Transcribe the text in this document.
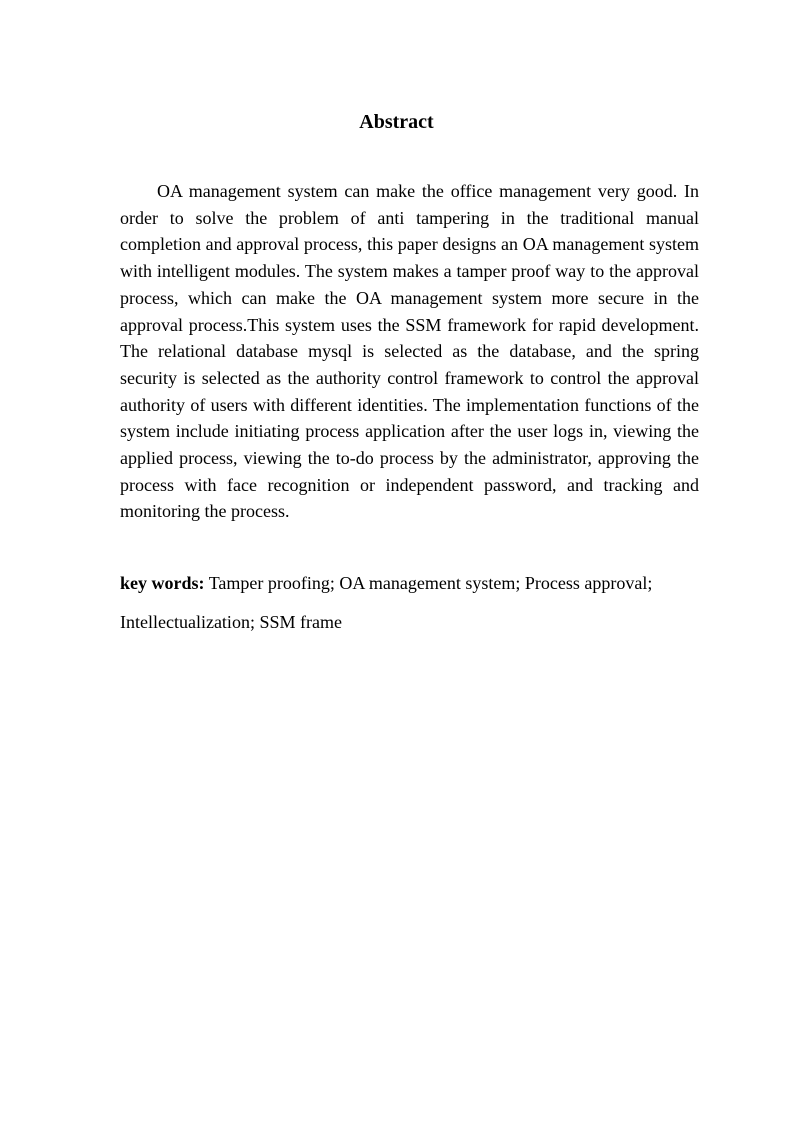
Abstract

OA management system can make the office management very good. In order to solve the problem of anti tampering in the traditional manual completion and approval process, this paper designs an OA management system with intelligent modules. The system makes a tamper proof way to the approval process, which can make the OA management system more secure in the approval process.This system uses the SSM framework for rapid development. The relational database mysql is selected as the database, and the spring security is selected as the authority control framework to control the approval authority of users with different identities. The implementation functions of the system include initiating process application after the user logs in, viewing the applied process, viewing the to-do process by the administrator, approving the process with face recognition or independent password, and tracking and monitoring the process.

key words: Tamper proofing; OA management system; Process approval; Intellectualization; SSM frame
